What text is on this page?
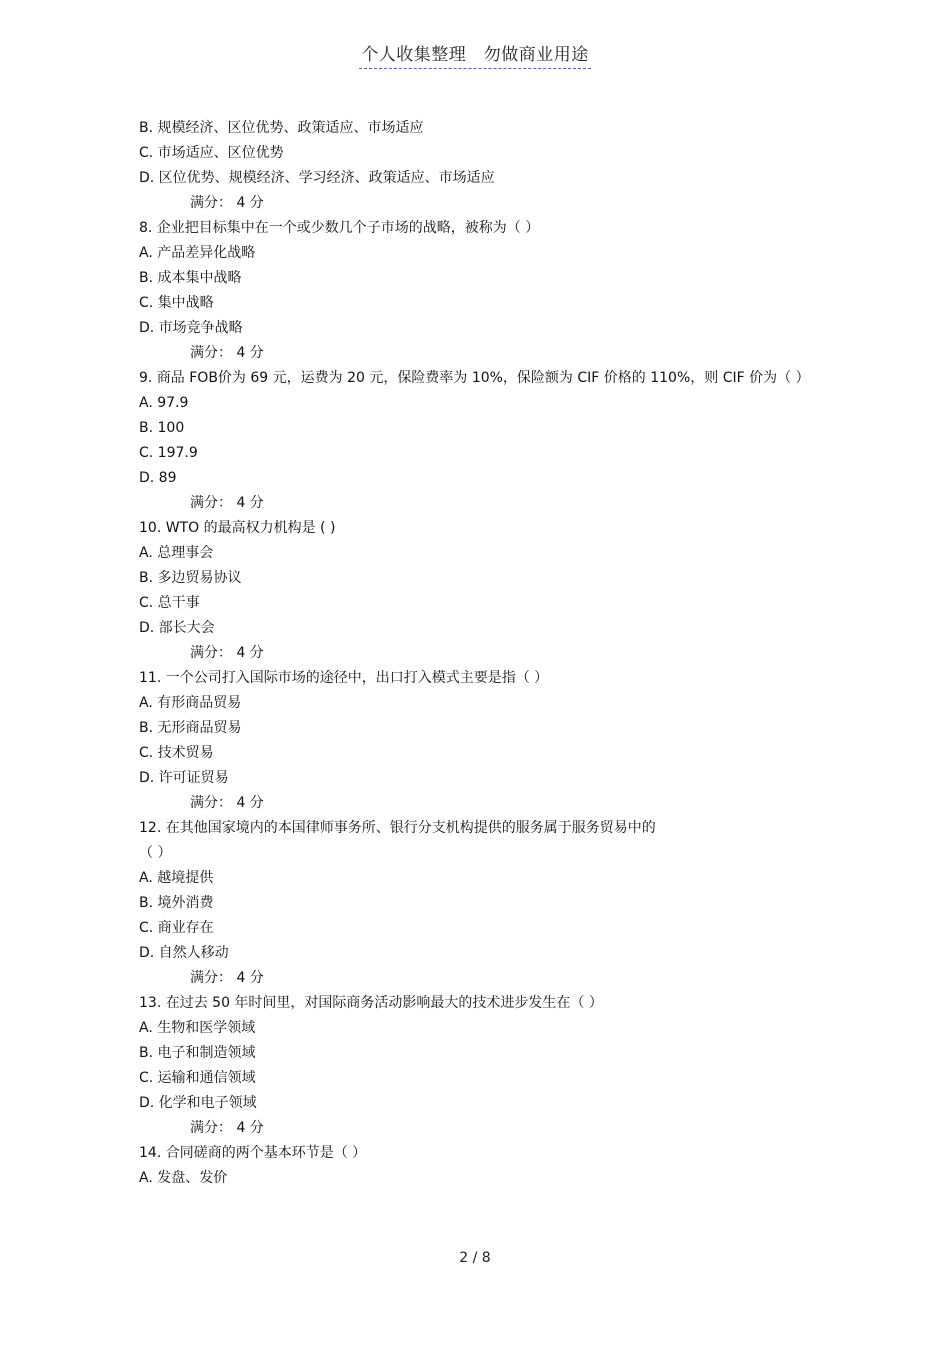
个人收集整理　勿做商业用途
B. 规模经济、区位优势、政策适应、市场适应
C. 市场适应、区位优势
D. 区位优势、规模经济、学习经济、政策适应、市场适应
满分： 4 分
8. 企业把目标集中在一个或少数几个子市场的战略，被称为（ ）
A. 产品差异化战略
B. 成本集中战略
C. 集中战略
D. 市场竞争战略
满分： 4 分
9. 商品 FOB价为 69 元，运费为 20 元，保险费率为 10%，保险额为 CIF 价格的 110%，则 CIF 价为（ ）
A. 97.9
B. 100
C. 197.9
D. 89
满分： 4 分
10. WTO 的最高权力机构是 ( )
A. 总理事会
B. 多边贸易协议
C. 总干事
D. 部长大会
满分： 4 分
11. 一个公司打入国际市场的途径中，出口打入模式主要是指（ ）
A. 有形商品贸易
B. 无形商品贸易
C. 技术贸易
D. 许可证贸易
满分： 4 分
12. 在其他国家境内的本国律师事务所、银行分支机构提供的服务属于服务贸易中的
（ ）
A. 越境提供
B. 境外消费
C. 商业存在
D. 自然人移动
满分： 4 分
13. 在过去 50 年时间里，对国际商务活动影响最大的技术进步发生在（ ）
A. 生物和医学领域
B. 电子和制造领域
C. 运输和通信领域
D. 化学和电子领域
满分： 4 分
14. 合同磋商的两个基本环节是（ ）
A. 发盘、发价
2 / 8
